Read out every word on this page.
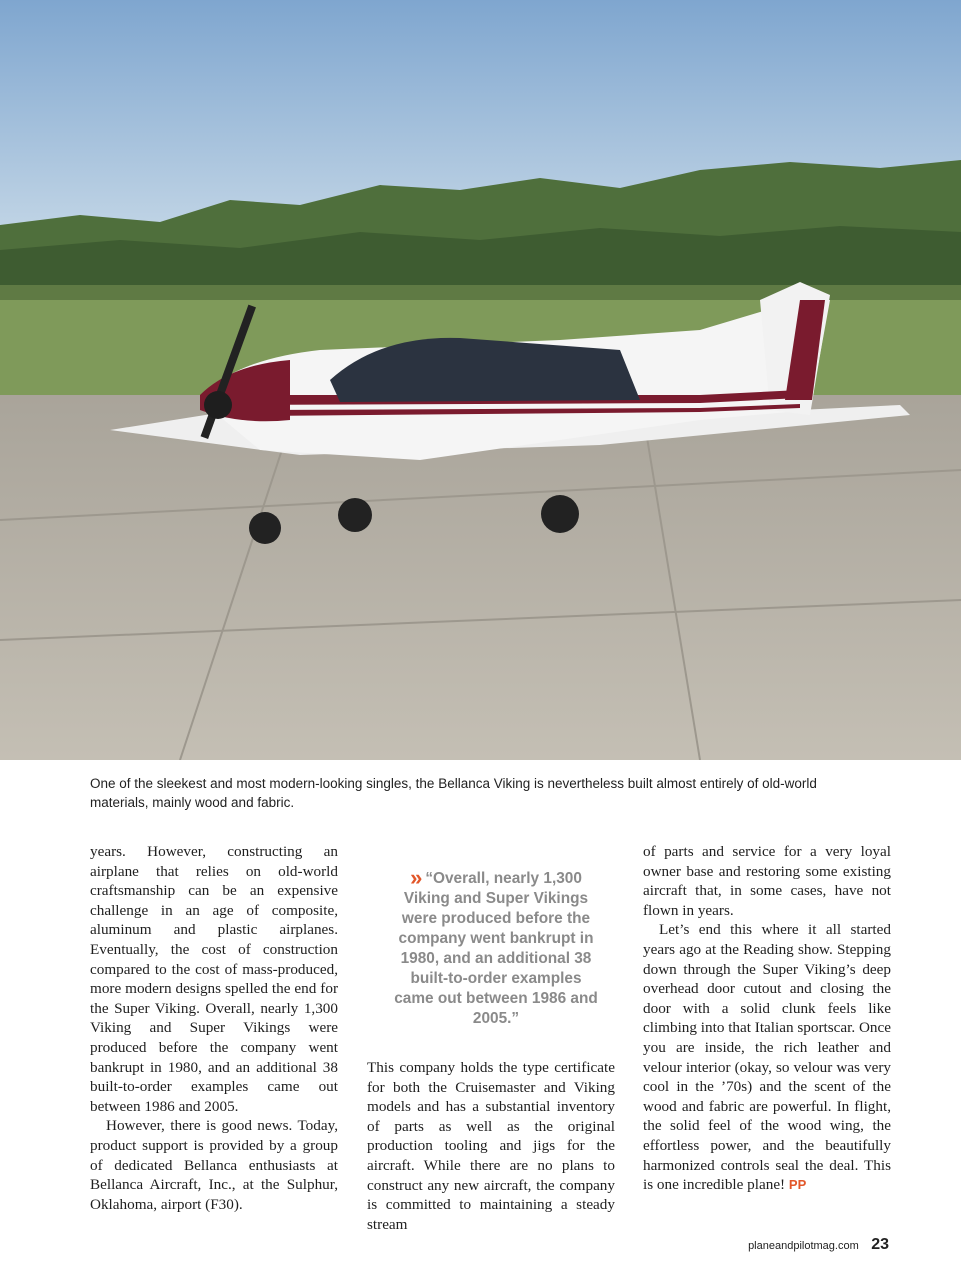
One of the sleekest and most modern-looking singles, the Bellanca Viking is nevertheless built almost entirely of old-world materials, mainly wood and fabric.

years. However, constructing an airplane that relies on old-world craftsmanship can be an expensive challenge in an age of composite, aluminum and plastic airplanes. Eventually, the cost of construction compared to the cost of mass-produced, more modern designs spelled the end for the Super Viking. Overall, nearly 1,300 Viking and Super Vikings were produced before the company went bankrupt in 1980, and an additional 38 built-to-order examples came out between 1986 and 2005.

However, there is good news. Today, product support is provided by a group of dedicated Bellanca enthusiasts at Bellanca Aircraft, Inc., at the Sulphur, Oklahoma, airport (F30).

» “Overall, nearly 1,300 Viking and Super Vikings were produced before the company went bankrupt in 1980, and an additional 38 built-to-order examples came out between 1986 and 2005.”

This company holds the type certificate for both the Cruisemaster and Viking models and has a substantial inventory of parts as well as the original production tooling and jigs for the aircraft. While there are no plans to construct any new aircraft, the company is committed to maintaining a steady stream

of parts and service for a very loyal owner base and restoring some existing aircraft that, in some cases, have not flown in years.

Let’s end this where it all started years ago at the Reading show. Stepping down through the Super Viking’s deep overhead door cutout and closing the door with a solid clunk feels like climbing into that Italian sportscar. Once you are inside, the rich leather and velour interior (okay, so velour was very cool in the ’70s) and the scent of the wood and fabric are powerful. In flight, the solid feel of the wood wing, the effortless power, and the beautifully harmonized controls seal the deal. This is one incredible plane! PP

planeandpilotmag.com 23
